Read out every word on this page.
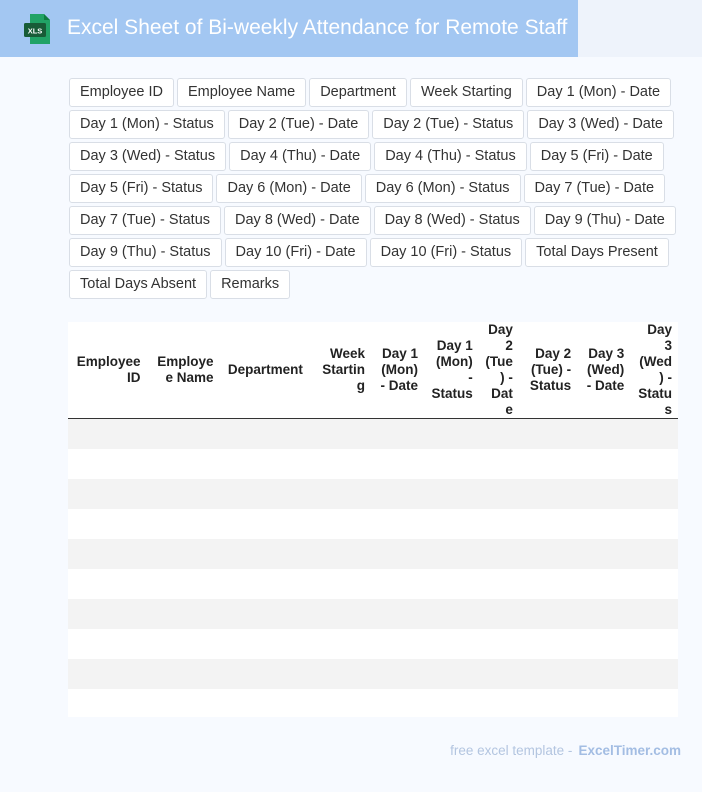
XLS Excel Sheet of Bi-weekly Attendance for Remote Staff
Employee ID	Employee Name	Department	Week Starting	Day 1 (Mon) - Date
Day 1 (Mon) - Status	Day 2 (Tue) - Date	Day 2 (Tue) - Status	Day 3 (Wed) - Date
Day 3 (Wed) - Status	Day 4 (Thu) - Date	Day 4 (Thu) - Status	Day 5 (Fri) - Date
Day 5 (Fri) - Status	Day 6 (Mon) - Date	Day 6 (Mon) - Status	Day 7 (Tue) - Date
Day 7 (Tue) - Status	Day 8 (Wed) - Date	Day 8 (Wed) - Status	Day 9 (Thu) - Date
Day 9 (Thu) - Status	Day 10 (Fri) - Date	Day 10 (Fri) - Status	Total Days Present
Total Days Absent	Remarks
Employee ID	Employee Name	Department	Week Starting	Day 1 (Mon) - Date	Day 1 (Mon) - Status	Day 2 (Tue) - Date	Day 2 (Tue) - Status	Day 3 (Wed) - Date	Day 3 (Wed) - Status

free excel template - ExcelTimer.com
